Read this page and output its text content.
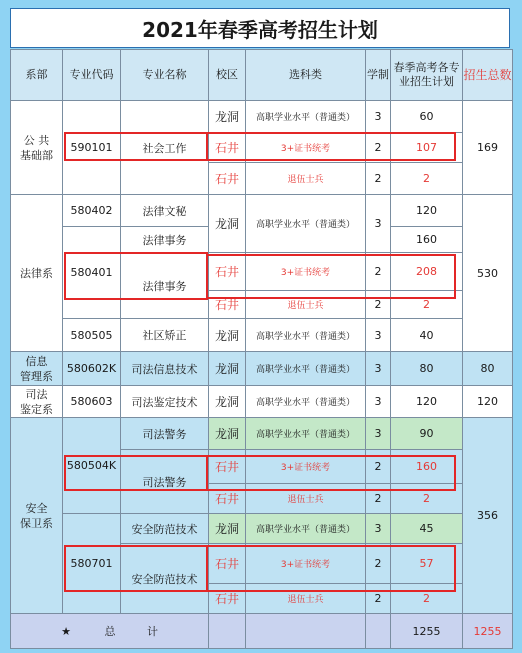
2021年春季高考招生计划
系部	专业代码	专业名称	校区	选科类	学制	春季高考各专
业招生计划	招生总数

公 共
基础部	590101	社会工作	龙洞	高职学业水平（普通类）	3	60	169
			石井	3+证书统考	2	107	
			石井	退伍士兵	2	2	
法律系	580402	法律文秘	龙洞	高职学业水平（普通类）	3	120	530
	580401	法律事务				160	
		法律事务	石井	3+证书统考	2	208	
			石井	退伍士兵	2	2	

	580505	社区矫正	龙洞	高职学业水平（普通类）	3	40	

信息
管理系	580602K	司法信息技术	龙洞	高职学业水平（普通类）	3	80	80

司法
鉴定系	580603	司法鉴定技术	龙洞	高职学业水平（普通类）	3	120	120

安全
保卫系	580504K	司法警务	龙洞	高职学业水平（普通类）	3	90	356
		司法警务	石井	3+证书统考	2	160	

			石井	退伍士兵	2	2	
	580701	安全防范技术	龙洞	高职学业水平（普通类）	3	45	
		安全防范技术	石井	3+证书统考	2	57	

			石井	退伍士兵	2	2	
★ 总 计						1255	1255
